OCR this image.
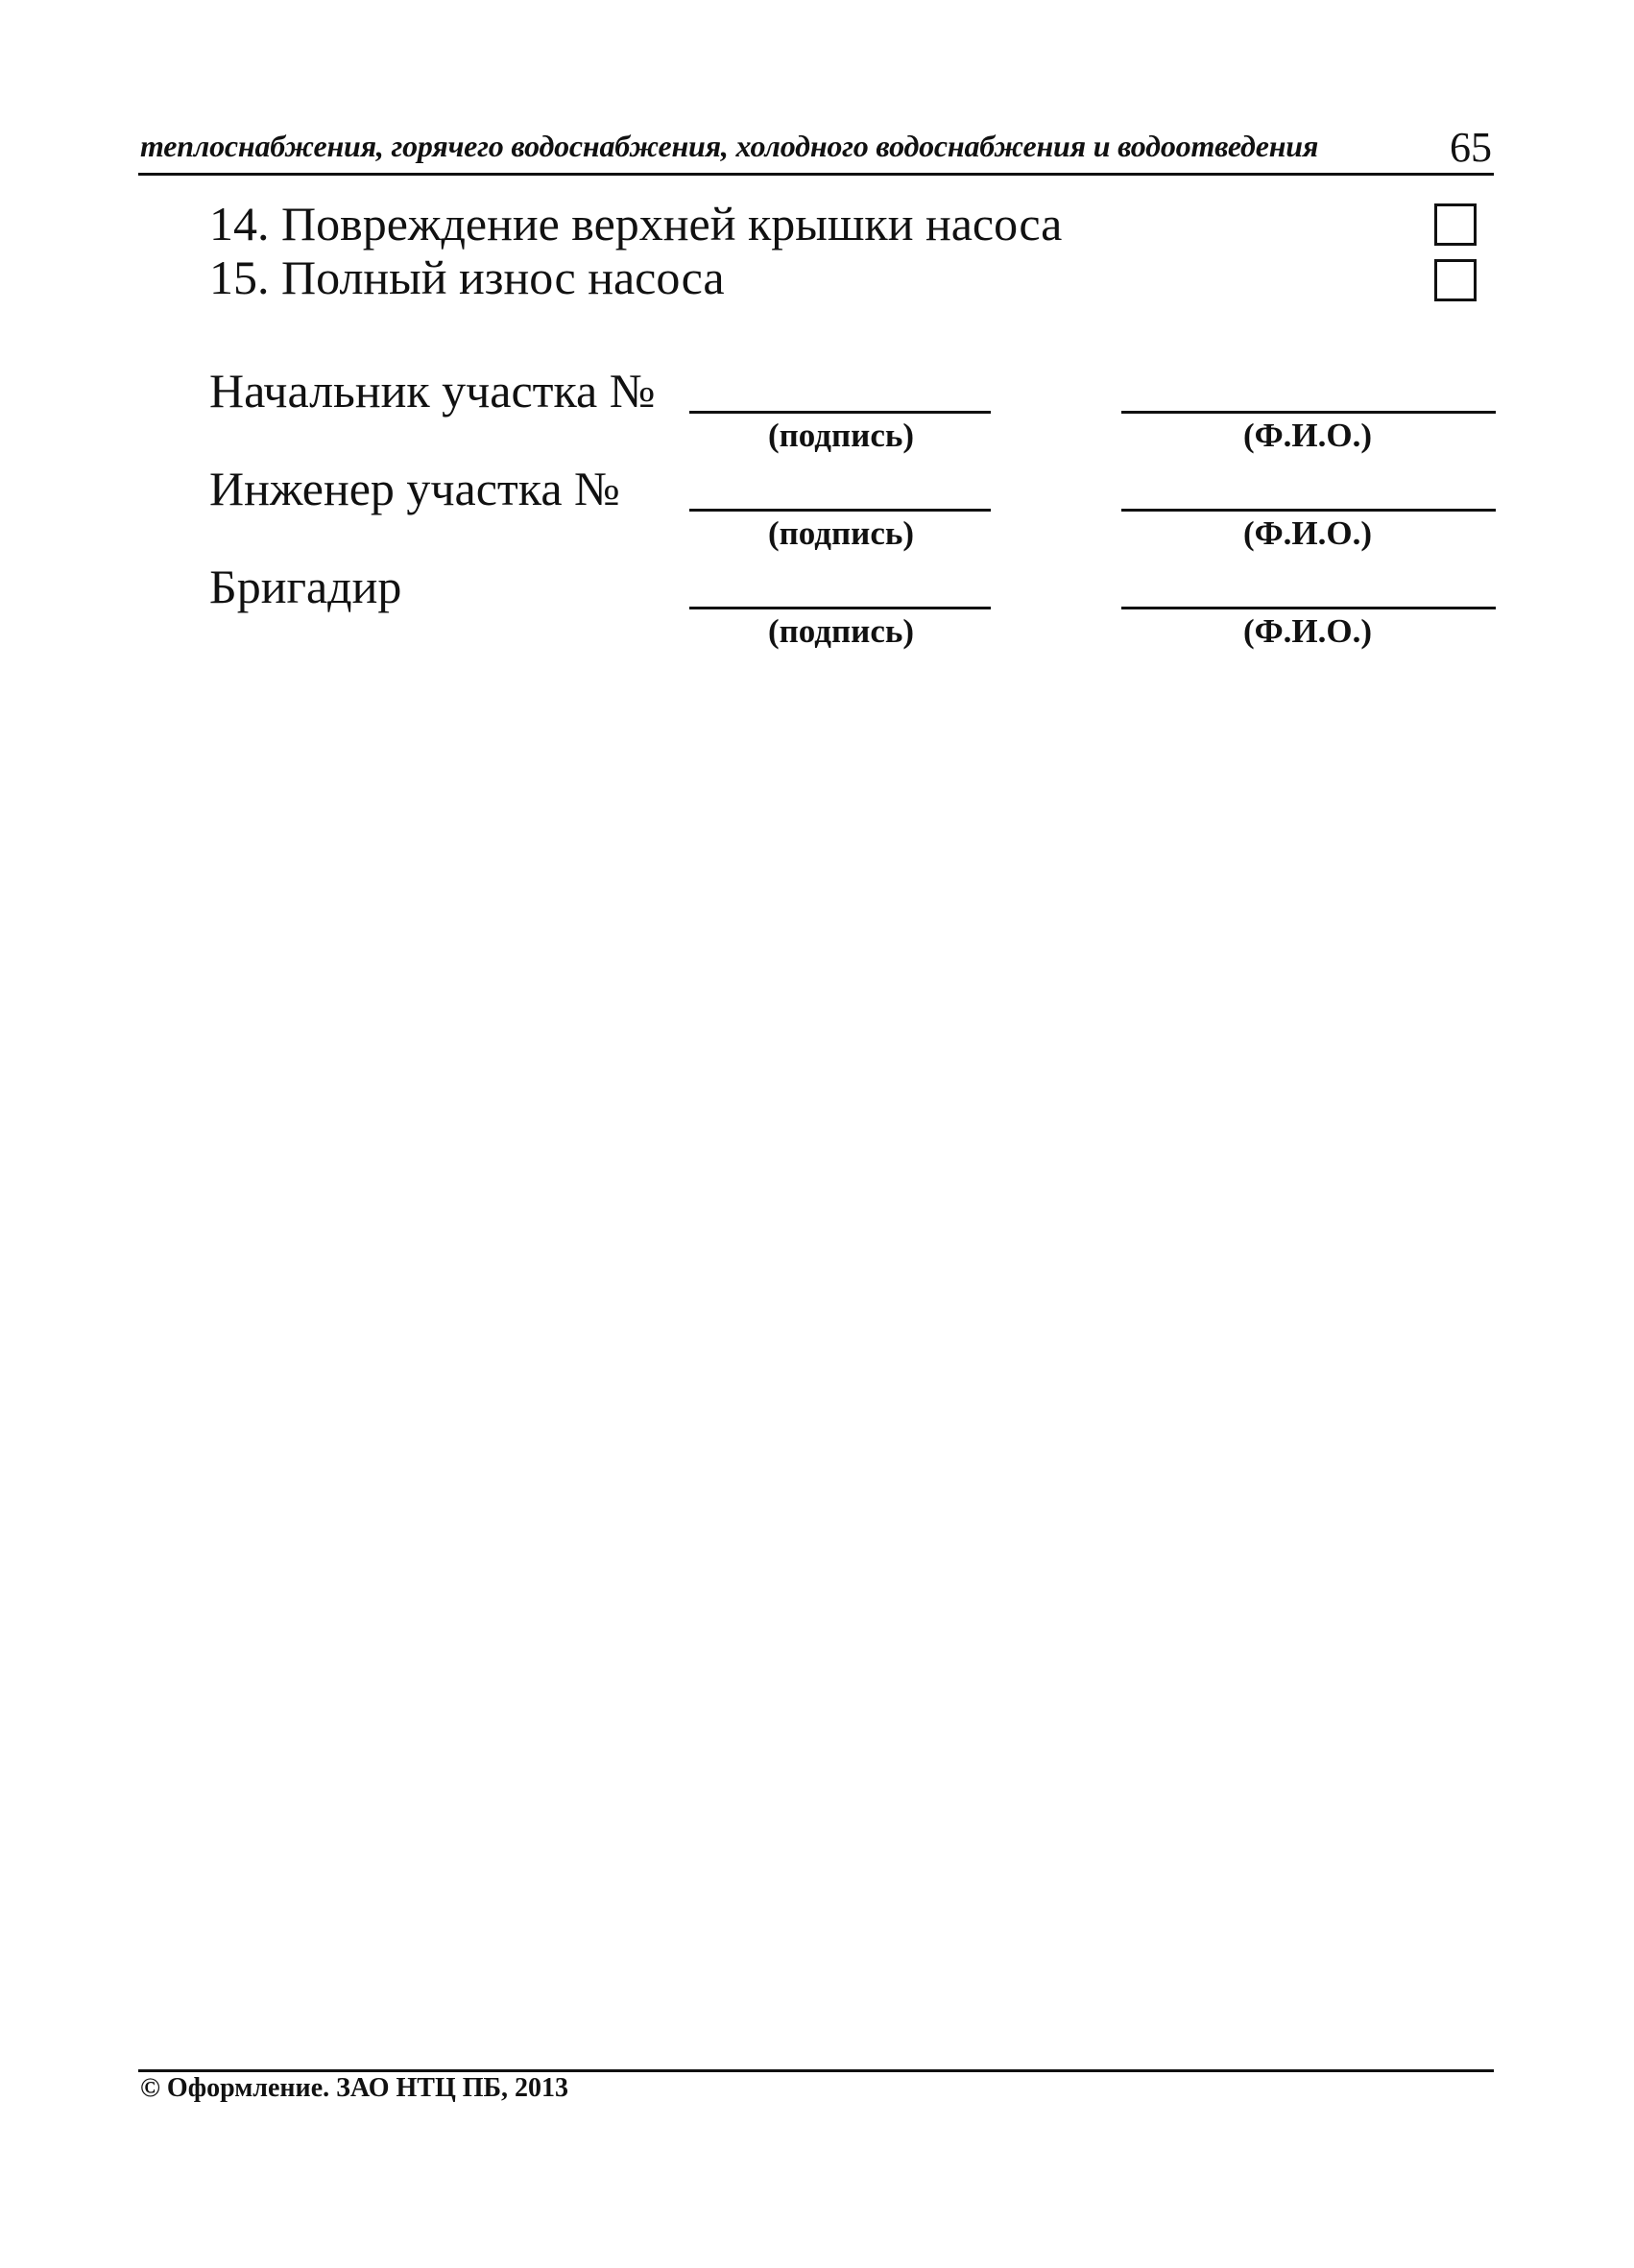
теплоснабжения, горячего водоснабжения, холодного водоснабжения и водоотведения	65
14. Повреждение верхней крышки насоса
15. Полный износ насоса
Начальник участка №
(подпись)	(Ф.И.О.)
Инженер участка №
(подпись)	(Ф.И.О.)
Бригадир
(подпись)	(Ф.И.О.)
© Оформление. ЗАО НТЦ ПБ, 2013
